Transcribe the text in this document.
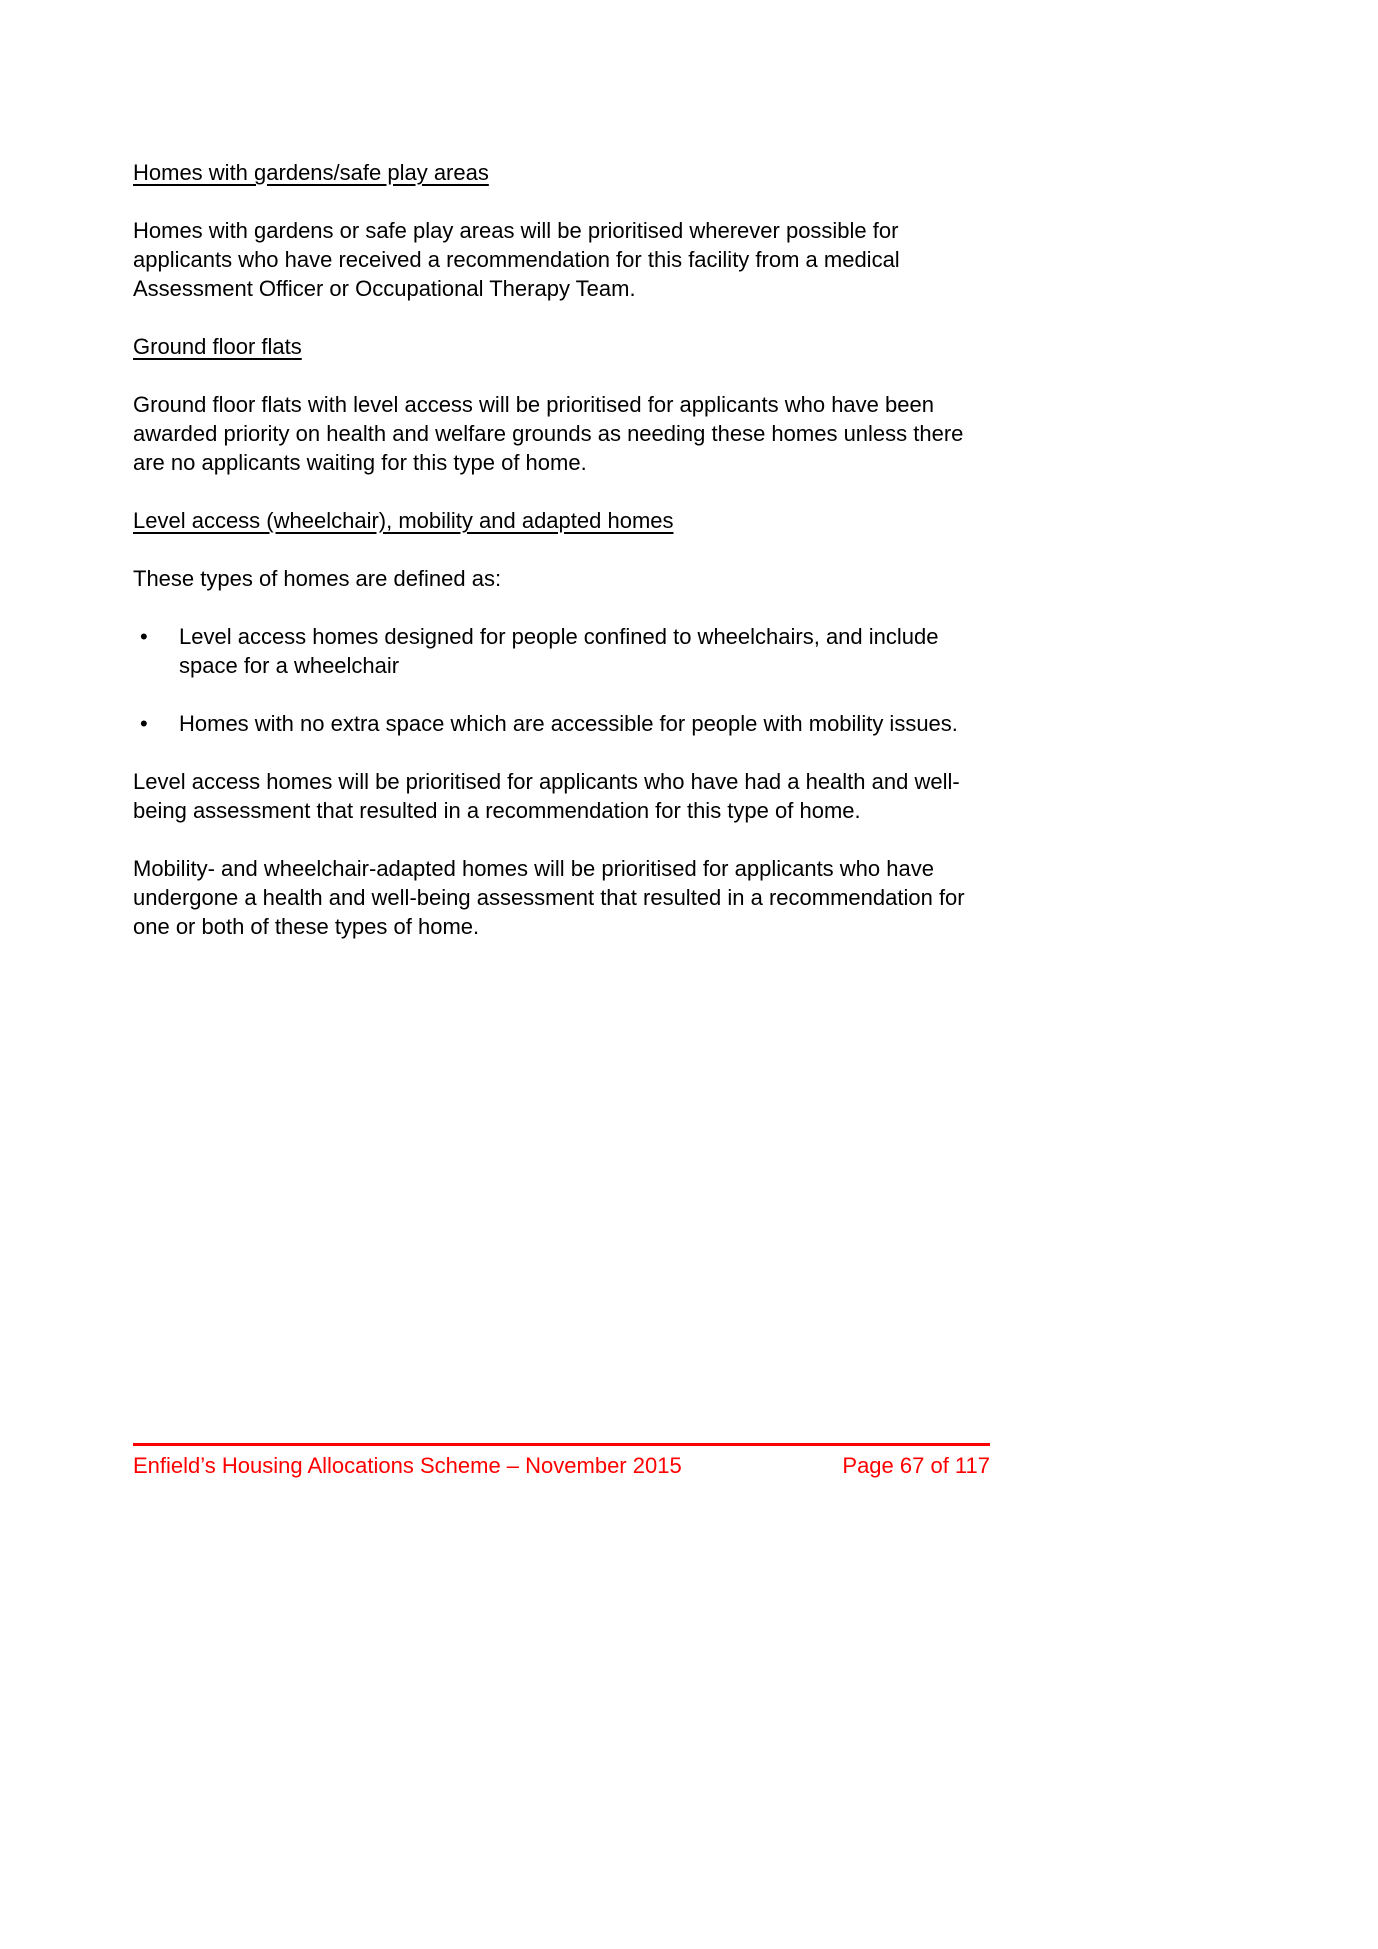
Homes with gardens/safe play areas

Homes with gardens or safe play areas will be prioritised wherever possible for applicants who have received a recommendation for this facility from a medical Assessment Officer or Occupational Therapy Team.

Ground floor flats

Ground floor flats with level access will be prioritised for applicants who have been awarded priority on health and welfare grounds as needing these homes unless there are no applicants waiting for this type of home.

Level access (wheelchair), mobility and adapted homes

These types of homes are defined as:

•	Level access homes designed for people confined to wheelchairs, and include space for a wheelchair
•	Homes with no extra space which are accessible for people with mobility issues.

Level access homes will be prioritised for applicants who have had a health and well-being assessment that resulted in a recommendation for this type of home.

Mobility- and wheelchair-adapted homes will be prioritised for applicants who have undergone a health and well-being assessment that resulted in a recommendation for one or both of these types of home.

Enfield’s Housing Allocations Scheme – November 2015	Page 67 of 117
